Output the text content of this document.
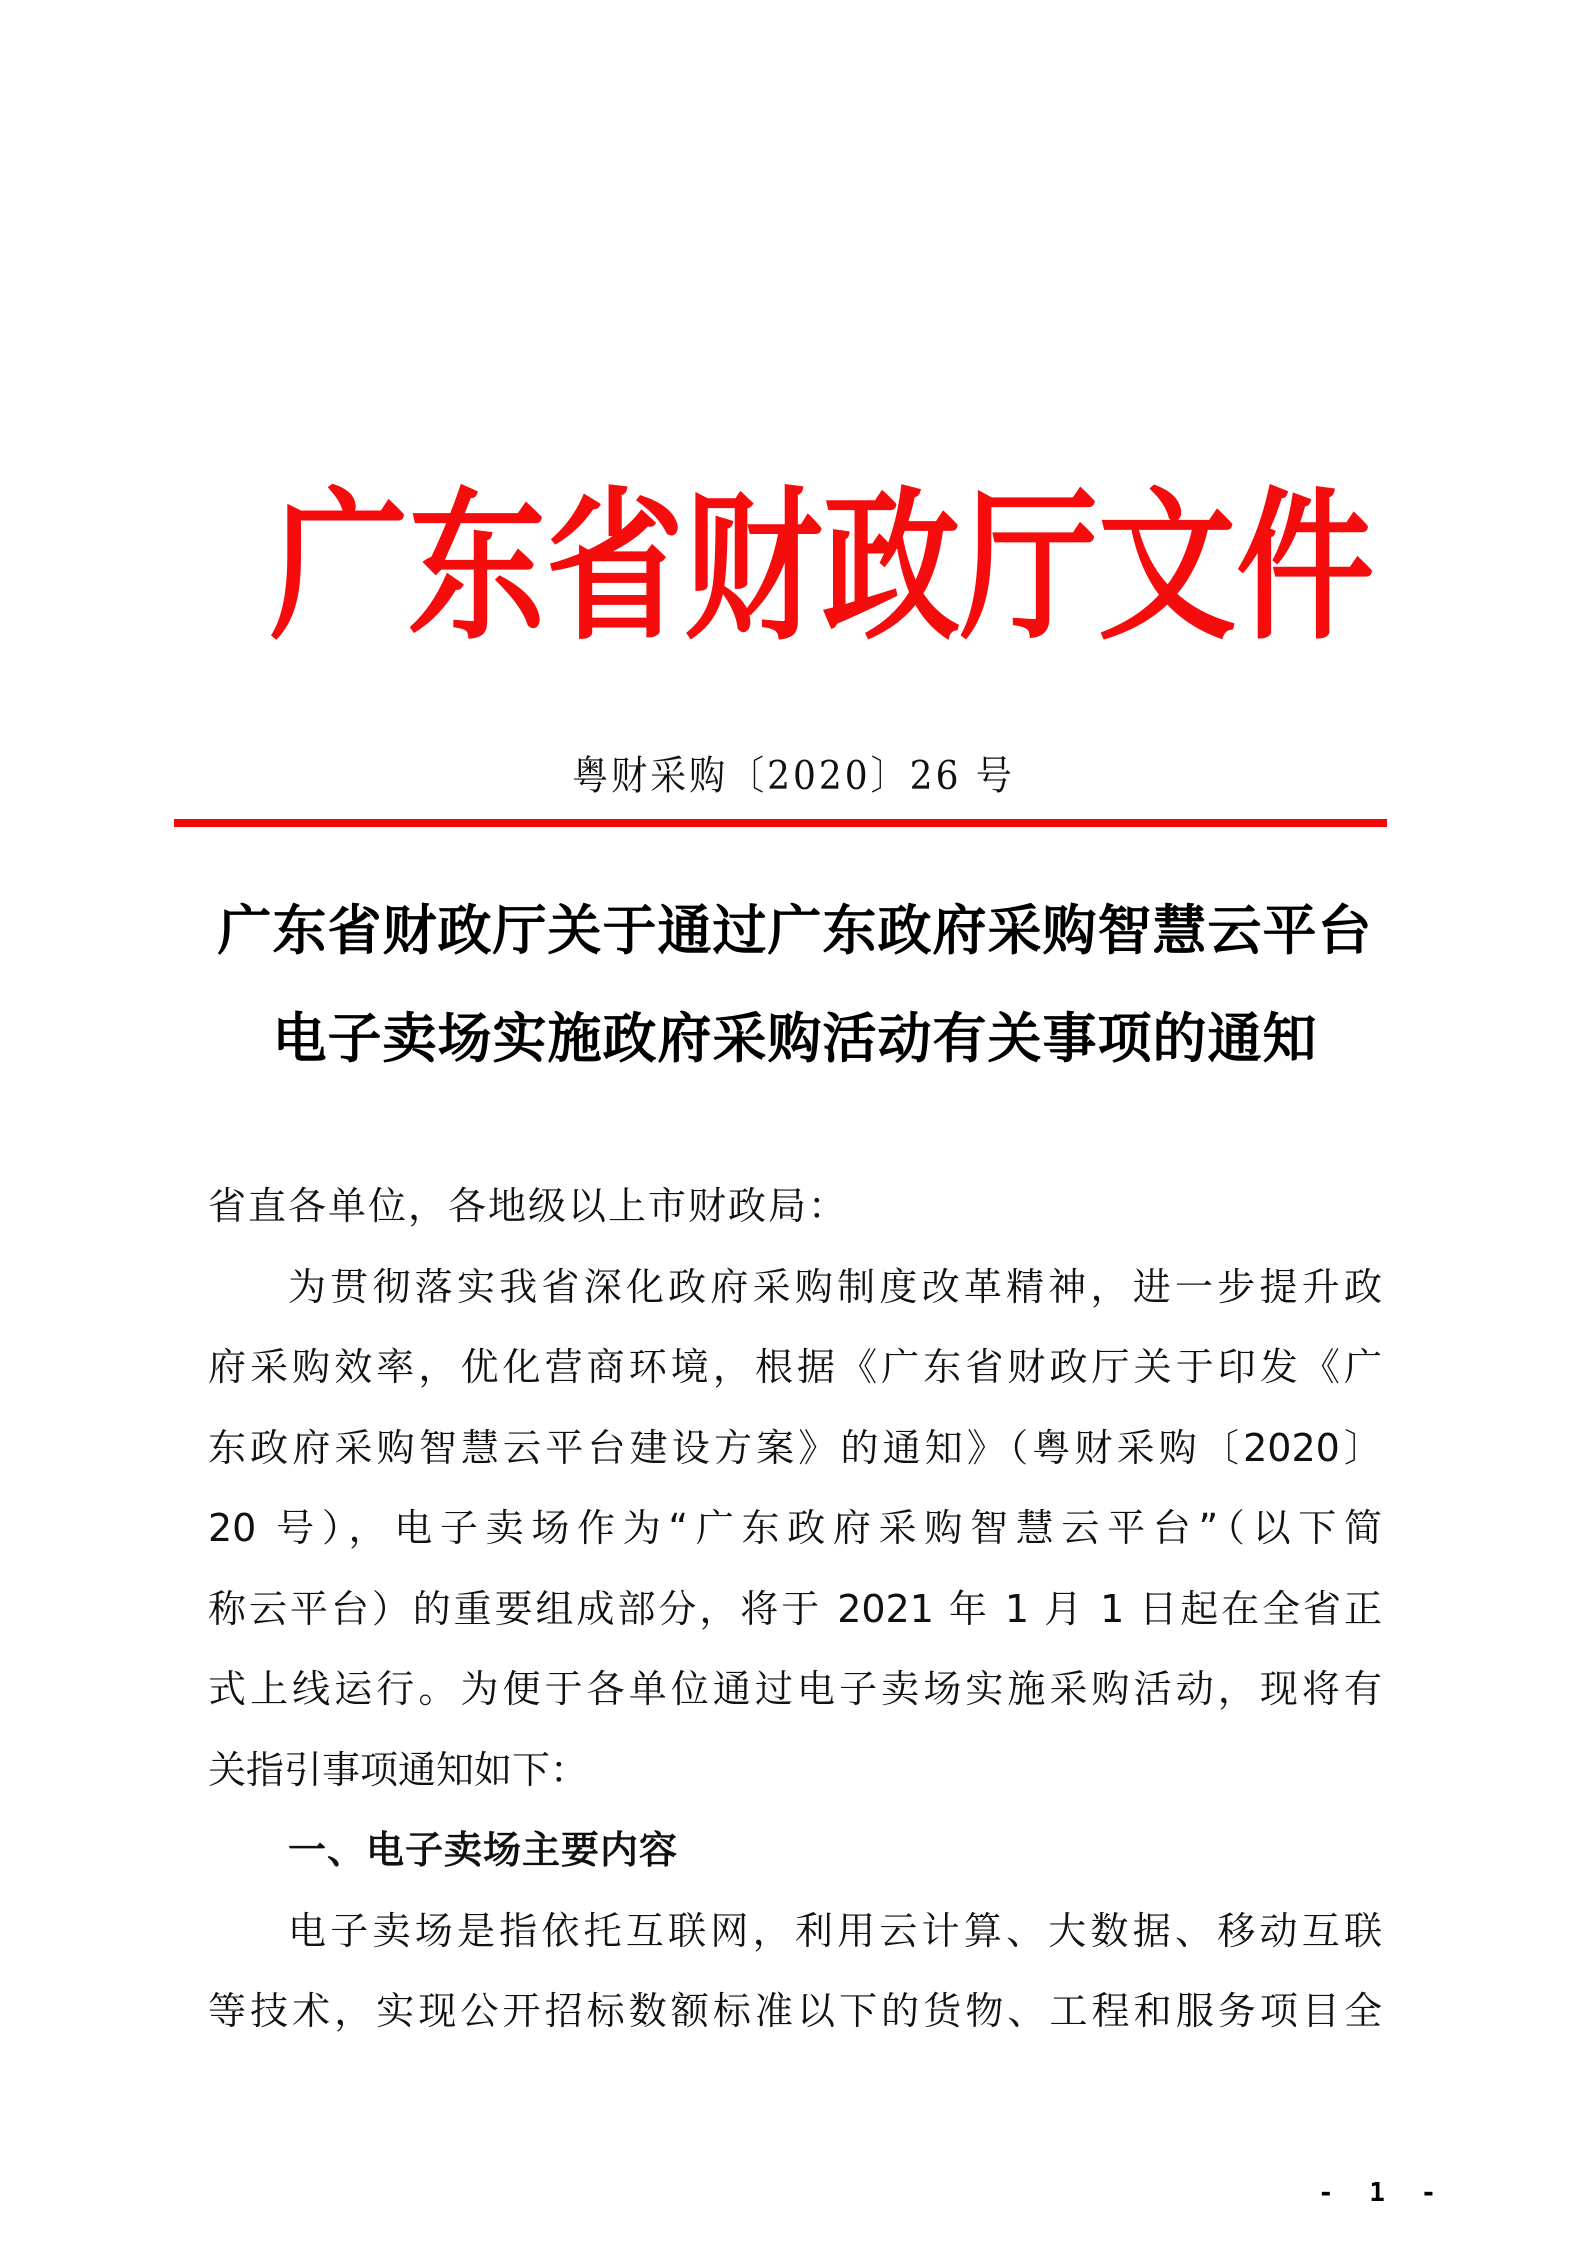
广 东 省 财 政 厅 文 件
粤财采购〔2020〕26 号
广东省财政厅关于通过广东政府采购智慧云平台
电子卖场实施政府采购活动有关事项的通知
省直各单位，各地级以上市财政局：
为贯彻落实我省深化政府采购制度改革精神，进一步提升政
府采购效率，优化营商环境，根据《广东省财政厅关于印发《广
东政府采购智慧云平台建设方案》的通知》（粤财采购〔2020〕
20 号），电子卖场作为“广东政府采购智慧云平台”（以下简
称云平台）的重要组成部分，将于 2021 年 1 月 1 日起在全省正
式上线运行。为便于各单位通过电子卖场实施采购活动，现将有
关指引事项通知如下：
一、电子卖场主要内容
电子卖场是指依托互联网，利用云计算、大数据、移动互联
等技术，实现公开招标数额标准以下的货物、工程和服务项目全
- 1 -
